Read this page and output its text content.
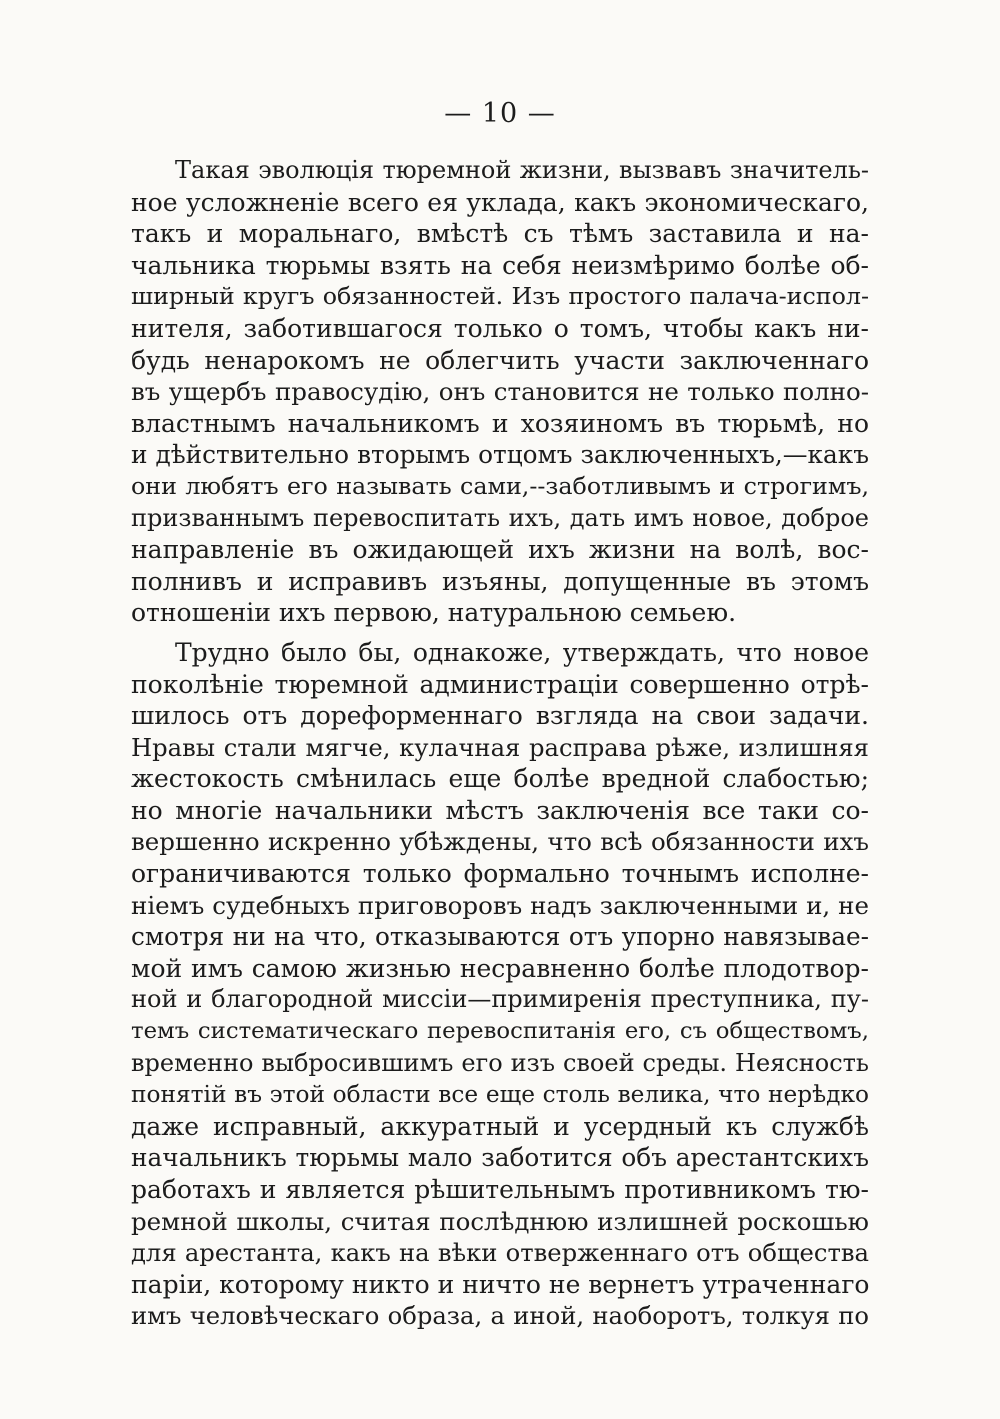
— 10 —
Такая эволюція тюремной жизни, вызвавъ значитель-
ное усложненіе всего ея уклада, какъ экономическаго,
такъ и моральнаго, вмѣстѣ съ тѣмъ заставила и на-
чальника тюрьмы взять на себя неизмѣримо болѣе об-
ширный кругъ обязанностей. Изъ простого палача-испол-
нителя, заботившагося только о томъ, чтобы какъ ни-
будь ненарокомъ не облегчить участи заключеннаго
въ ущербъ правосудію, онъ становится не только полно-
властнымъ начальникомъ и хозяиномъ въ тюрьмѣ, но
и дѣйствительно вторымъ отцомъ заключенныхъ,—какъ
они любятъ его называть сами,--заботливымъ и строгимъ,
призваннымъ перевоспитать ихъ, дать имъ новое, доброе
направленіе въ ожидающей ихъ жизни на волѣ, вос-
полнивъ и исправивъ изъяны, допущенные въ этомъ
отношеніи ихъ первою, натуральною семьею.
Трудно было бы, однакоже, утверждать, что новое
поколѣніе тюремной администраціи совершенно отрѣ-
шилось отъ дореформеннаго взгляда на свои задачи.
Нравы стали мягче, кулачная расправа рѣже, излишняя
жестокость смѣнилась еще болѣе вредной слабостью;
но многіе начальники мѣстъ заключенія все таки со-
вершенно искренно убѣждены, что всѣ обязанности ихъ
ограничиваются только формально точнымъ исполне-
ніемъ судебныхъ приговоровъ надъ заключенными и, не
смотря ни на что, отказываются отъ упорно навязывае-
мой имъ самою жизнью несравненно болѣе плодотвор-
ной и благородной миссіи—примиренія преступника, пу-
темъ систематическаго перевоспитанія его, съ обществомъ,
временно выбросившимъ его изъ своей среды. Неясность
понятій въ этой области все еще столь велика, что нерѣдко
даже исправный, аккуратный и усердный къ службѣ
начальникъ тюрьмы мало заботится объ арестантскихъ
работахъ и является рѣшительнымъ противникомъ тю-
ремной школы, считая послѣднюю излишней роскошью
для арестанта, какъ на вѣки отверженнаго отъ общества
паріи, которому никто и ничто не вернетъ утраченнаго
имъ человѣческаго образа, а иной, наоборотъ, толкуя по
